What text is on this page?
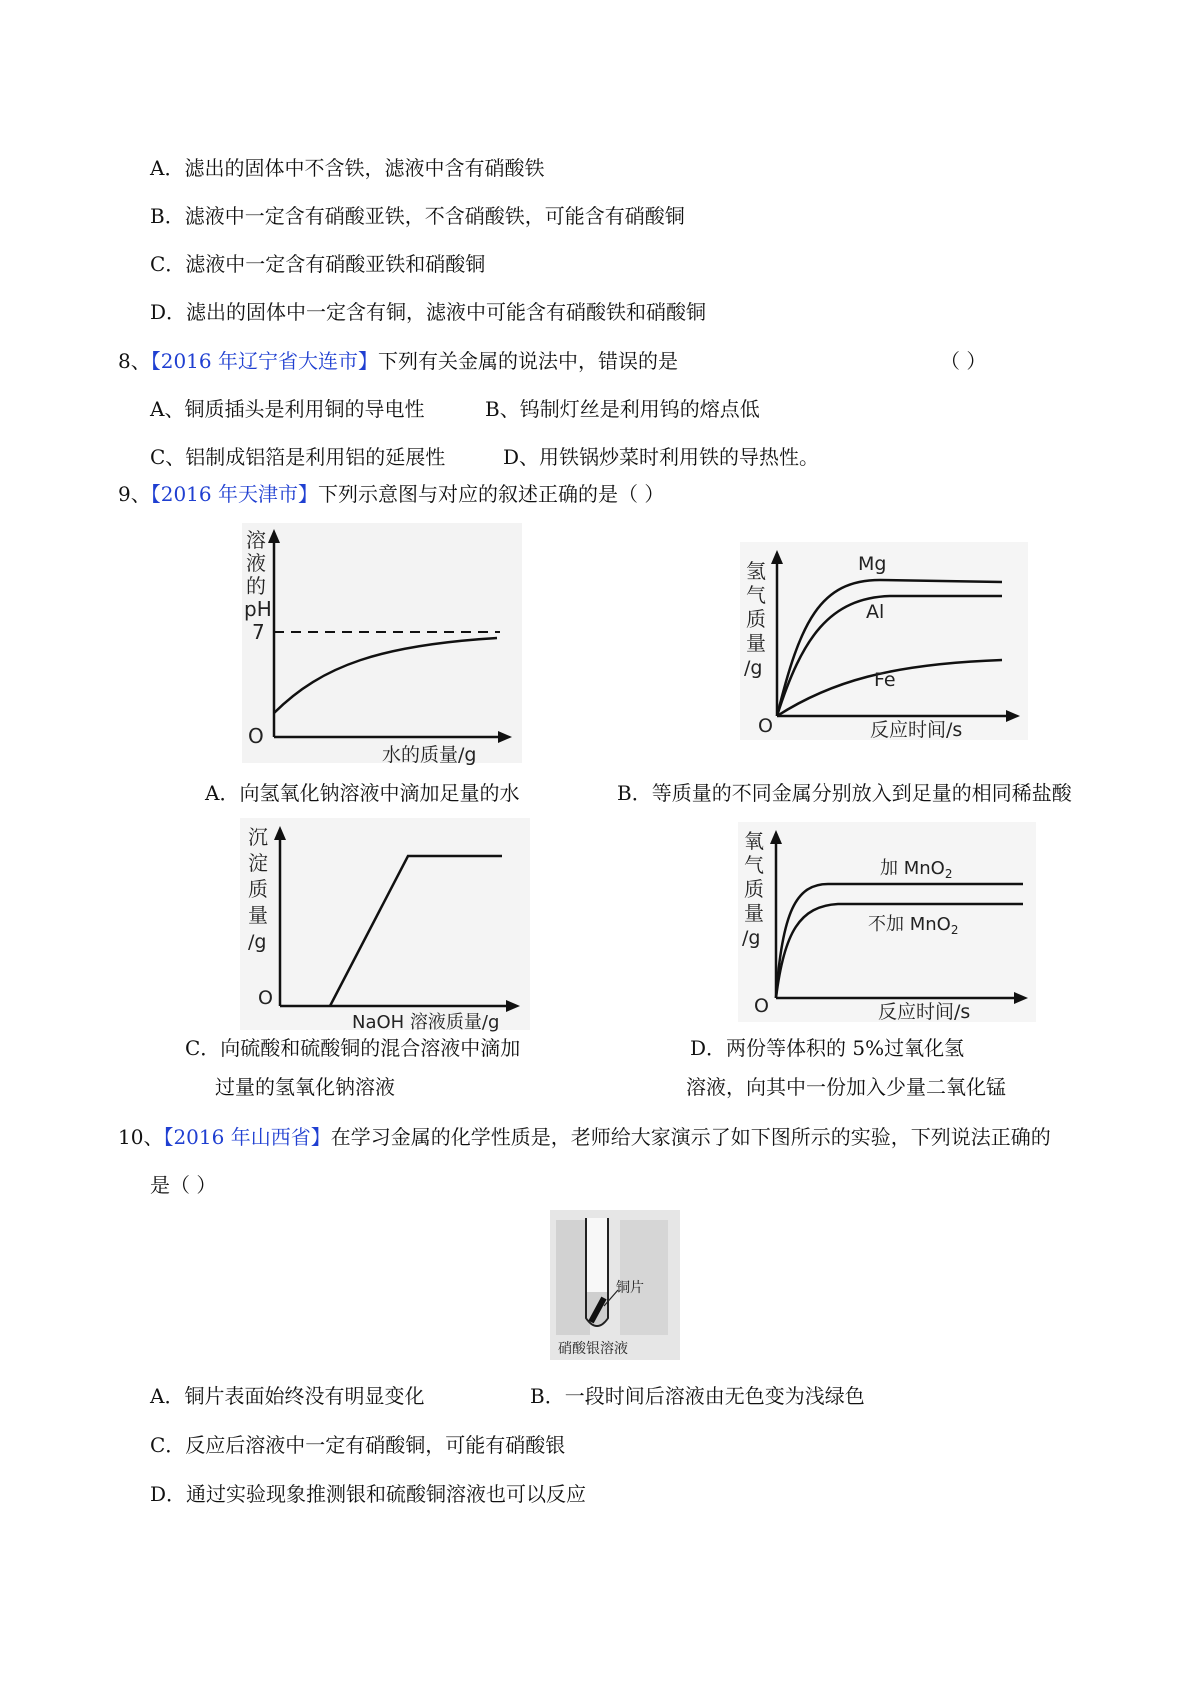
A．滤出的固体中不含铁，滤液中含有硝酸铁
B．滤液中一定含有硝酸亚铁，不含硝酸铁，可能含有硝酸铜
C．滤液中一定含有硝酸亚铁和硝酸铜
D．滤出的固体中一定含有铜，滤液中可能含有硝酸铁和硝酸铜
8、【2016 年辽宁省大连市】下列有关金属的说法中，错误的是	（ ）
A、铜质插头是利用铜的导电性	B、钨制灯丝是利用钨的熔点低
C、铝制成铝箔是利用铝的延展性	D、用铁锅炒菜时利用铁的导热性。
9、【2016 年天津市】下列示意图与对应的叙述正确的是（ ）
溶
液
的
pH
7
O
水的质量/g
氢
气
质
量
/g
O	反应时间/s
Mg
Al
Fe
A．向氢氧化钠溶液中滴加足量的水	B．等质量的不同金属分别放入到足量的相同稀盐酸
沉
淀
质
量
/g
O
NaOH 溶液质量/g
氧
气
质
量
/g
O	反应时间/s
加 MnO$_2$
不加 MnO$_2$
C．向硫酸和硫酸铜的混合溶液中滴加
过量的氢氧化钠溶液
D．两份等体积的 5%过氧化氢
溶液，向其中一份加入少量二氧化锰
10、【2016 年山西省】在学习金属的化学性质是，老师给大家演示了如下图所示的实验，下列说法正确的
是（ ）
铜片
硝酸银溶液
A．铜片表面始终没有明显变化	B．一段时间后溶液由无色变为浅绿色
C．反应后溶液中一定有硝酸铜，可能有硝酸银
D．通过实验现象推测银和硫酸铜溶液也可以反应
